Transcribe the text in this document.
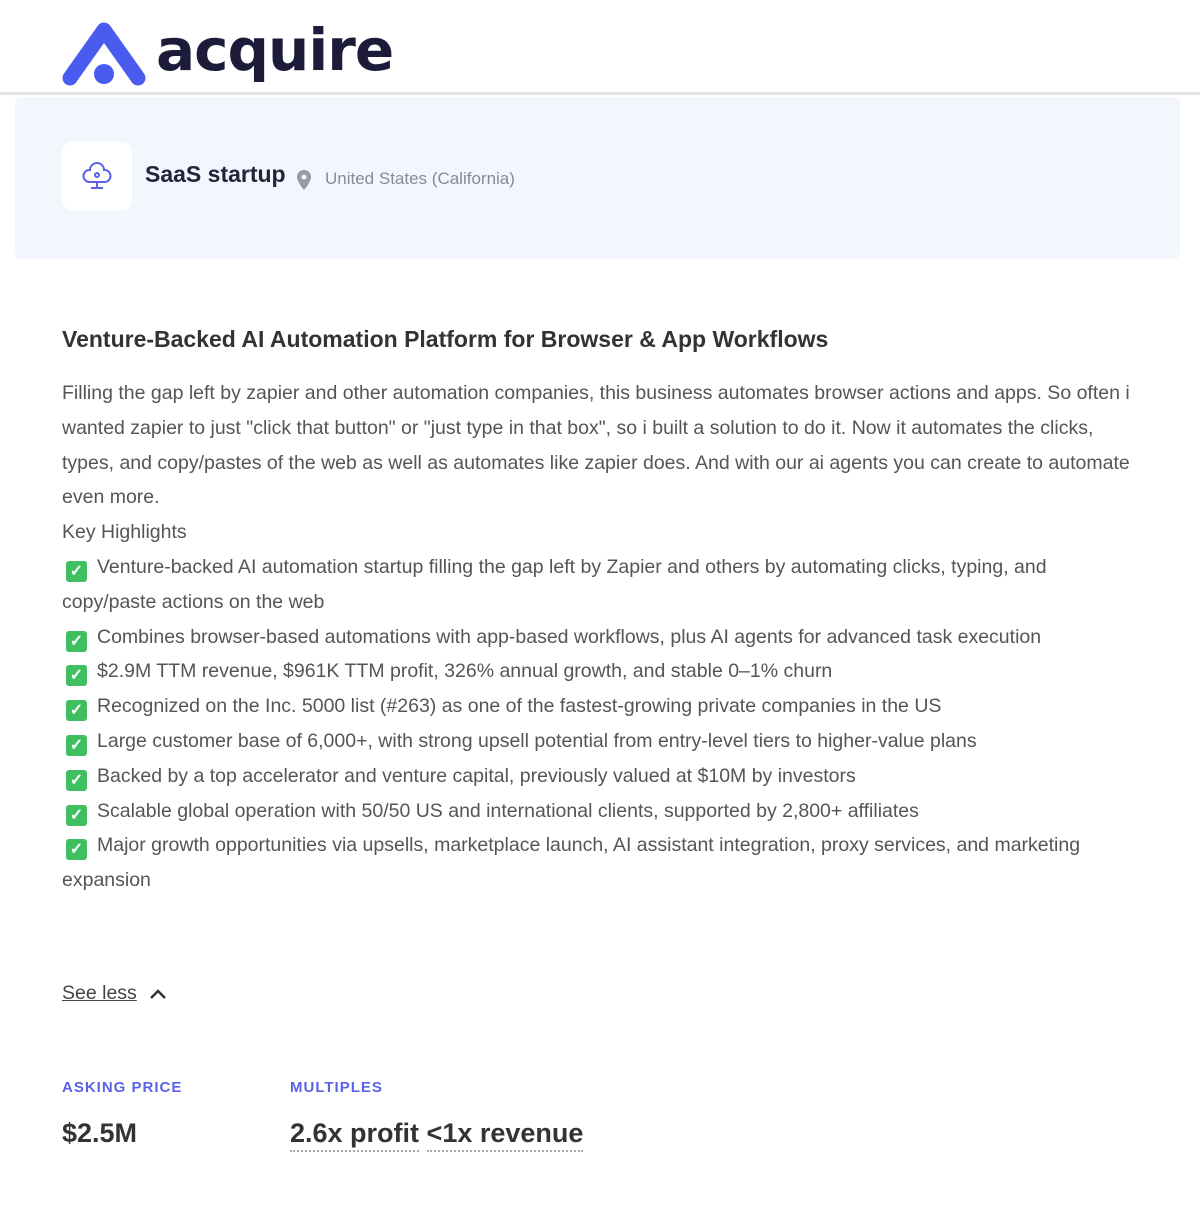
acquire
SaaS startup United States (California)
Venture-Backed AI Automation Platform for Browser & App Workflows

Filling the gap left by zapier and other automation companies, this business automates browser actions and apps. So often i wanted zapier to just "click that button" or "just type in that box", so i built a solution to do it. Now it automates the clicks, types, and copy/pastes of the web as well as automates like zapier does. And with our ai agents you can create to automate even more.

Key Highlights

✓ Venture-backed AI automation startup filling the gap left by Zapier and others by automating clicks, typing, and copy/paste actions on the web
✓ Combines browser-based automations with app-based workflows, plus AI agents for advanced task execution
✓ $2.9M TTM revenue, $961K TTM profit, 326% annual growth, and stable 0–1% churn
✓ Recognized on the Inc. 5000 list (#263) as one of the fastest-growing private companies in the US
✓ Large customer base of 6,000+, with strong upsell potential from entry-level tiers to higher-value plans
✓ Backed by a top accelerator and venture capital, previously valued at $10M by investors
✓ Scalable global operation with 50/50 US and international clients, supported by 2,800+ affiliates
✓ Major growth opportunities via upsells, marketplace launch, AI assistant integration, proxy services, and marketing expansion
See less
ASKING PRICE
$2.5M
MULTIPLES
2.6x profit <1x revenue
